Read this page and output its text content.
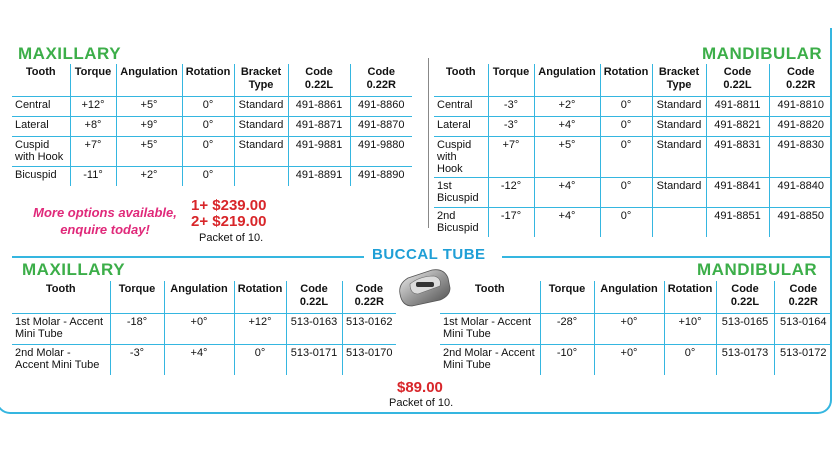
MAXILLARY	MANDIBULAR
Tooth	Torque	Angulation	Rotation	Bracket Type	Code 0.22L	Code 0.22R
Central	+12°	+5°	0°	Standard	491-8861	491-8860
Lateral	+8°	+9°	0°	Standard	491-8871	491-8870
Cuspid with Hook	+7°	+5°	0°	Standard	491-9881	491-9880
Bicuspid	-11°	+2°	0°		491-8891	491-8890
Tooth	Torque	Angulation	Rotation	Bracket Type	Code 0.22L	Code 0.22R
Central	-3°	+2°	0°	Standard	491-8811	491-8810
Lateral	-3°	+4°	0°	Standard	491-8821	491-8820
Cuspid with Hook	+7°	+5°	0°	Standard	491-8831	491-8830
1st Bicuspid	-12°	+4°	0°	Standard	491-8841	491-8840
2nd Bicuspid	-17°	+4°	0°		491-8851	491-8850
More options available,
enquire today!
1+ $239.00
2+ $219.00
Packet of 10.
BUCCAL TUBE
MAXILLARY	MANDIBULAR
Tooth	Torque	Angulation	Rotation	Code 0.22L	Code 0.22R
1st Molar - Accent Mini Tube	-18°	+0°	+12°	513-0163	513-0162
2nd Molar - Accent Mini Tube	-3°	+4°	0°	513-0171	513-0170
Tooth	Torque	Angulation	Rotation	Code 0.22L	Code 0.22R
1st Molar - Accent Mini Tube	-28°	+0°	+10°	513-0165	513-0164
2nd Molar - Accent Mini Tube	-10°	+0°	0°	513-0173	513-0172
$89.00
Packet of 10.
